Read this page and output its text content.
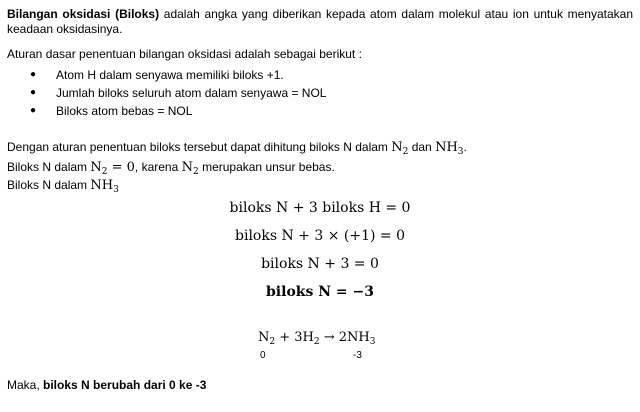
Bilangan oksidasi (Biloks) adalah angka yang diberikan kepada atom dalam molekul atau ion untuk menyatakan keadaan oksidasinya.
Aturan dasar penentuan bilangan oksidasi adalah sebagai berikut :
● Atom H dalam senyawa memiliki biloks +1.
● Jumlah biloks seluruh atom dalam senyawa = NOL
● Biloks atom bebas = NOL
Dengan aturan penentuan biloks tersebut dapat dihitung biloks N dalam $N_2$ dan $NH_3$.
Biloks N dalam $N_2 = 0$, karena $N_2$ merupakan unsur bebas.
Biloks N dalam $NH_3$
biloks N + 3 biloks H = 0
biloks N + 3 × (+1) = 0
biloks N + 3 = 0
biloks N = −3
$N_2 + 3H_2 \to 2NH_3$
0	-3
Maka, biloks N berubah dari 0 ke -3
